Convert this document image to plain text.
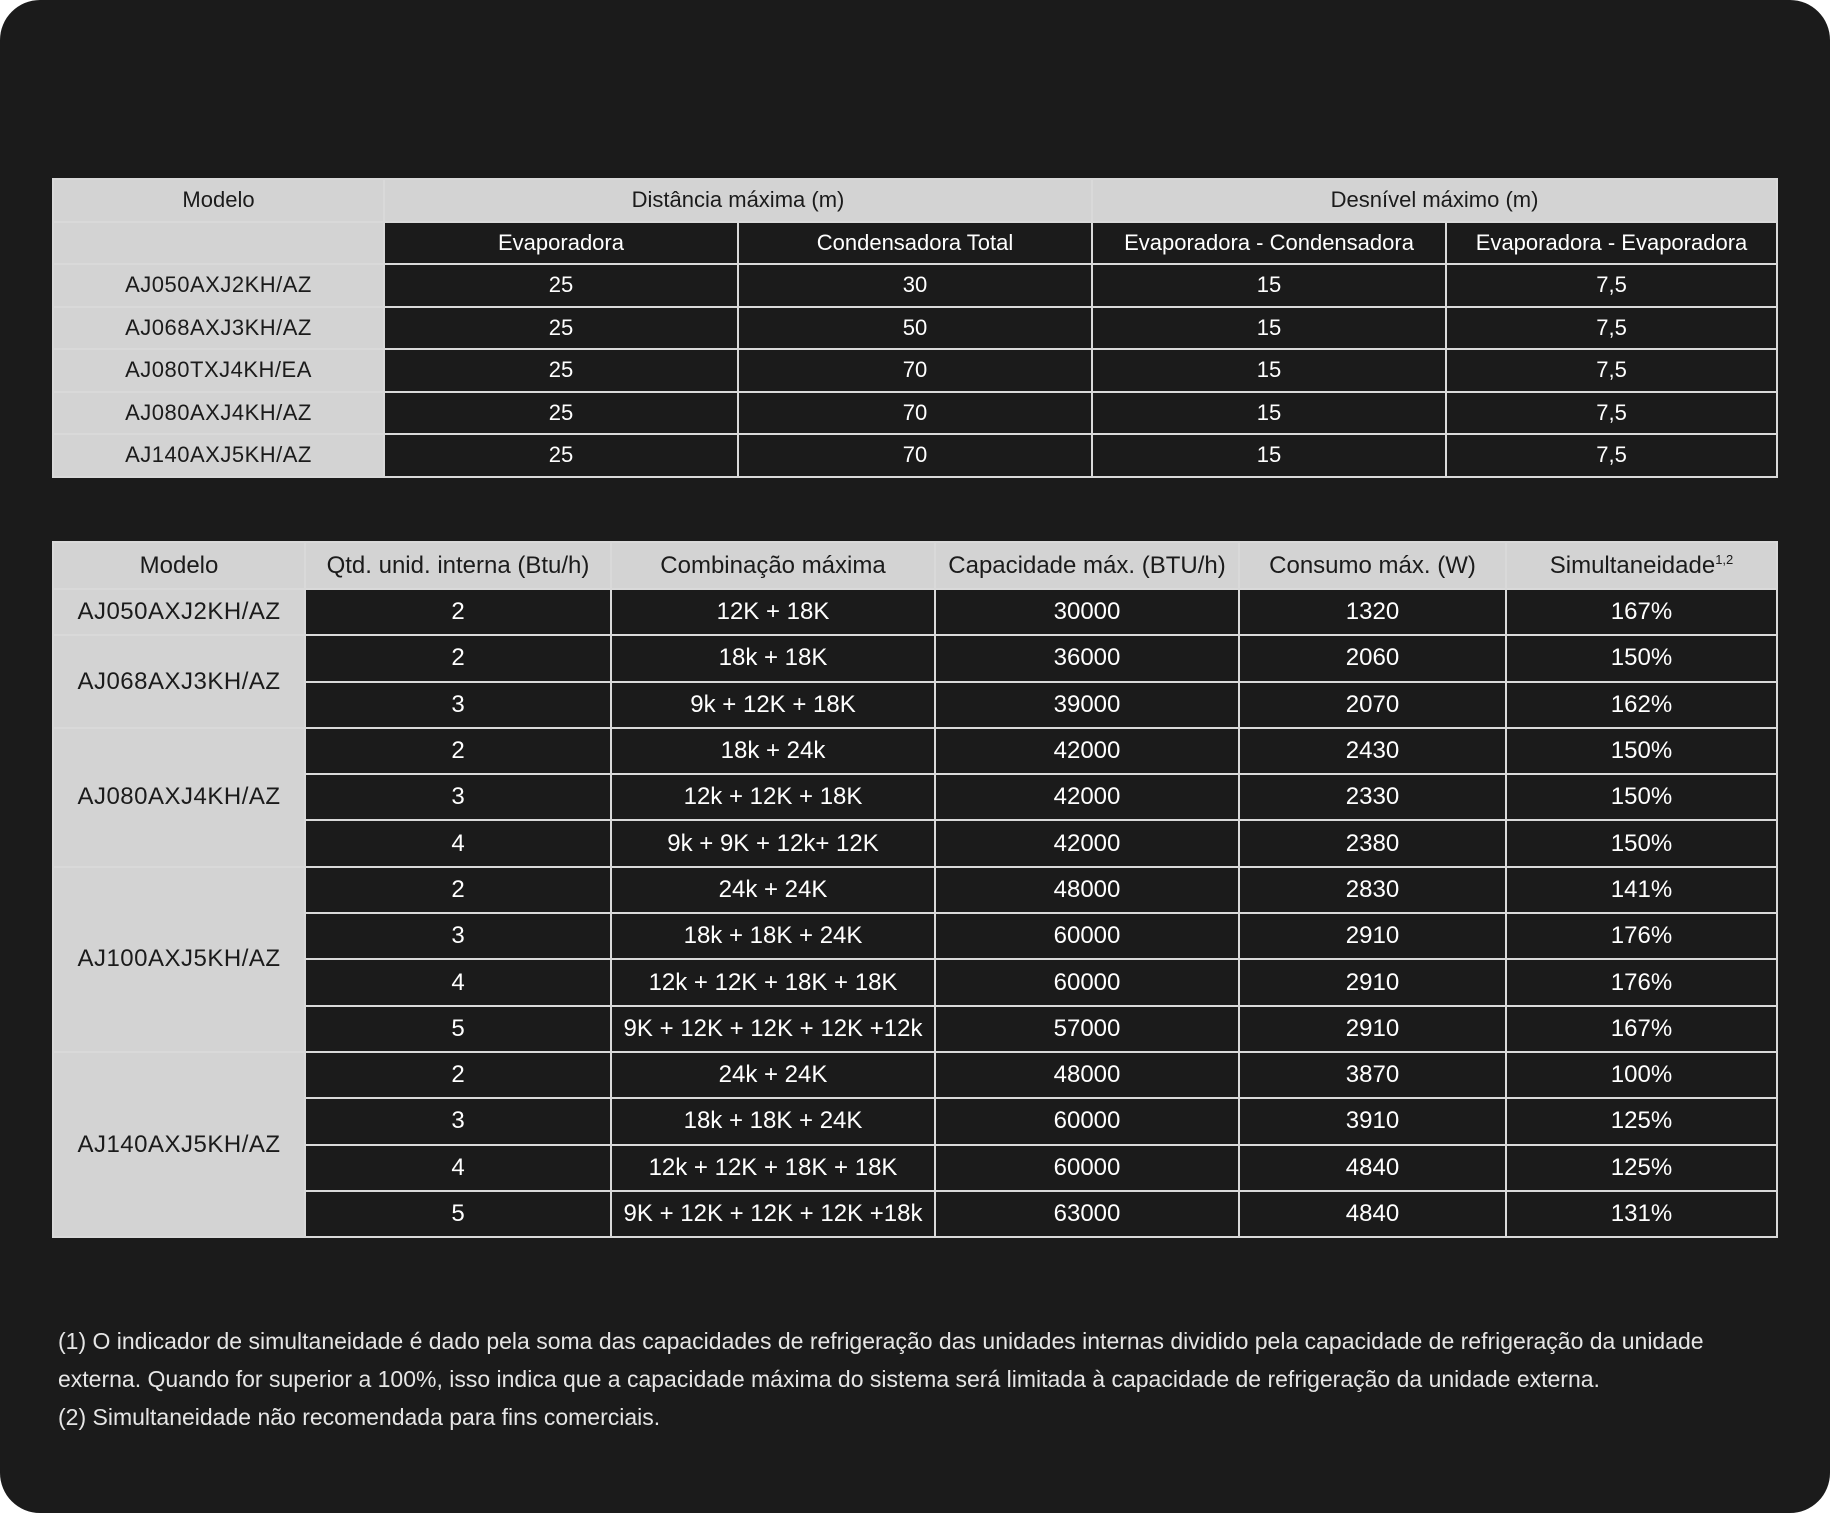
Modelo	Distância máxima (m)		Desnível máximo (m)	
	Evaporadora	Condensadora Total	Evaporadora - Condensadora	Evaporadora - Evaporadora
AJ050AXJ2KH/AZ	25	30	15	7,5
AJ068AXJ3KH/AZ	25	50	15	7,5
AJ080TXJ4KH/EA	25	70	15	7,5
AJ080AXJ4KH/AZ	25	70	15	7,5
AJ140AXJ5KH/AZ	25	70	15	7,5
Modelo	Qtd. unid. interna (Btu/h)	Combinação máxima	Capacidade máx. (BTU/h)	Consumo máx. (W)	Simultaneidade$^{1,2}$
AJ050AXJ2KH/AZ	2	12K + 18K	30000	1320	167%
AJ068AXJ3KH/AZ	2	18k + 18K	36000	2060	150%
	3	9k + 12K + 18K	39000	2070	162%
AJ080AXJ4KH/AZ	2	18k + 24k	42000	2430	150%
	3	12k + 12K + 18K	42000	2330	150%
	4	9k + 9K + 12k+ 12K	42000	2380	150%
AJ100AXJ5KH/AZ	2	24k + 24K	48000	2830	141%
	3	18k + 18K + 24K	60000	2910	176%
	4	12k + 12K + 18K + 18K	60000	2910	176%
	5	9K + 12K + 12K + 12K +12k	57000	2910	167%
AJ140AXJ5KH/AZ	2	24k + 24K	48000	3870	100%
	3	18k + 18K + 24K	60000	3910	125%
	4	12k + 12K + 18K + 18K	60000	4840	125%
	5	9K + 12K + 12K + 12K +18k	63000	4840	131%

(1) O indicador de simultaneidade é dado pela soma das capacidades de refrigeração das unidades internas dividido pela capacidade de refrigeração da unidade externa. Quando for superior a 100%, isso indica que a capacidade máxima do sistema será limitada à capacidade de refrigeração da unidade externa.

(2) Simultaneidade não recomendada para fins comerciais.
